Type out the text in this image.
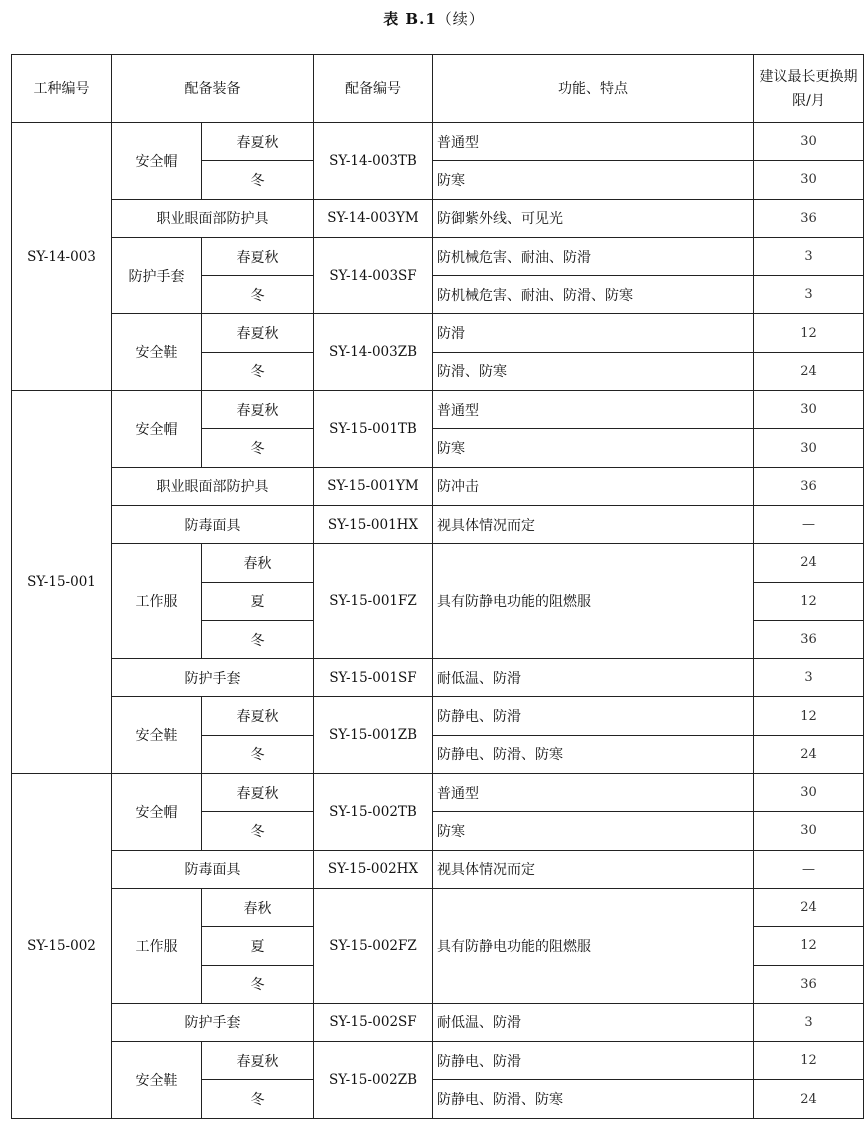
表 B.1（续）
工种编号	配备装备		配备编号	功能、特点	建议最长更换期限/月
SY-14-003	安全帽	春夏秋	SY-14-003TB	普通型	30
		冬		防寒	30
	职业眼面部防护具		SY-14-003YM	防御紫外线、可见光	36
	防护手套	春夏秋	SY-14-003SF	防机械危害、耐油、防滑	3
		冬		防机械危害、耐油、防滑、防寒	3
	安全鞋	春夏秋	SY-14-003ZB	防滑	12
		冬		防滑、防寒	24
SY-15-001	安全帽	春夏秋	SY-15-001TB	普通型	30
		冬		防寒	30
	职业眼面部防护具		SY-15-001YM	防冲击	36
	防毒面具		SY-15-001HX	视具体情况而定	—
	工作服	春秋	SY-15-001FZ	具有防静电功能的阻燃服	24
		夏			12
		冬			36
	防护手套		SY-15-001SF	耐低温、防滑	3
	安全鞋	春夏秋	SY-15-001ZB	防静电、防滑	12
		冬		防静电、防滑、防寒	24
SY-15-002	安全帽	春夏秋	SY-15-002TB	普通型	30
		冬		防寒	30
	防毒面具		SY-15-002HX	视具体情况而定	—
	工作服	春秋	SY-15-002FZ	具有防静电功能的阻燃服	24
		夏			12
		冬			36
	防护手套		SY-15-002SF	耐低温、防滑	3
	安全鞋	春夏秋	SY-15-002ZB	防静电、防滑	12
		冬		防静电、防滑、防寒	24
